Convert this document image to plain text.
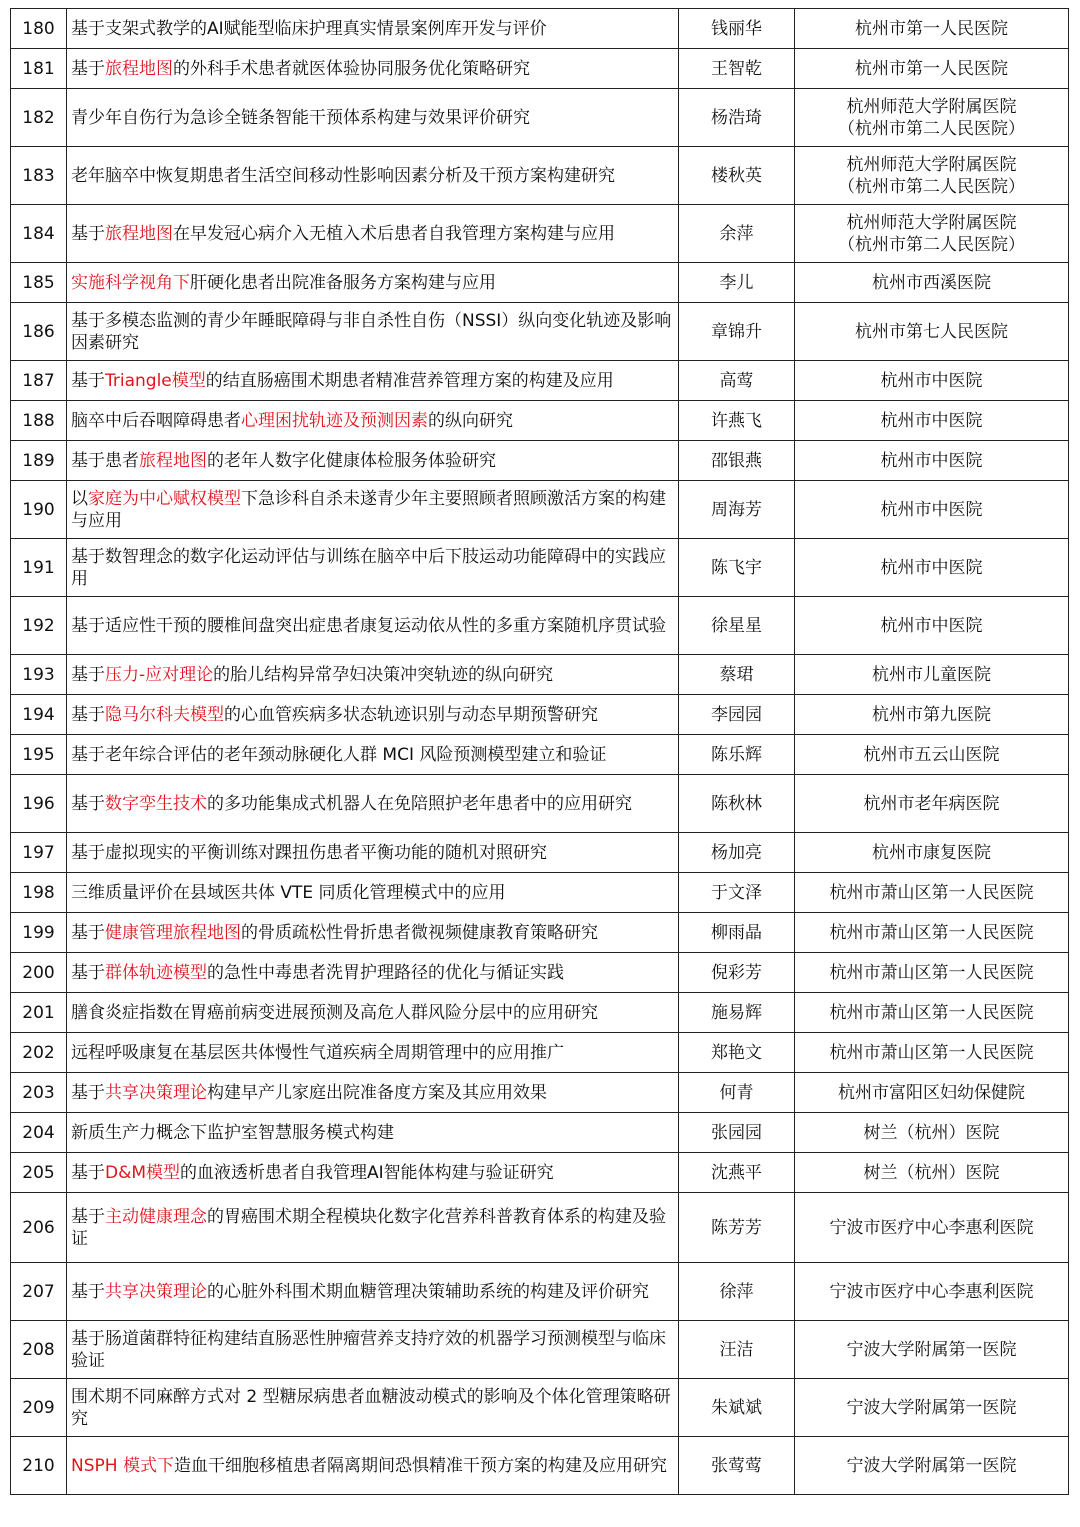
180	基于支架式教学的AI赋能型临床护理真实情景案例库开发与评价	钱丽华	杭州市第一人民医院

181	基于旅程地图的外科手术患者就医体验协同服务优化策略研究	王智乾	杭州市第一人民医院

182	青少年自伤行为急诊全链条智能干预体系构建与效果评价研究	杨浩琦	杭州师范大学附属医院
（杭州市第二人民医院）

183	老年脑卒中恢复期患者生活空间移动性影响因素分析及干预方案构建研究	楼秋英	杭州师范大学附属医院
（杭州市第二人民医院）

184	基于旅程地图在早发冠心病介入无植入术后患者自我管理方案构建与应用	余萍	杭州师范大学附属医院
（杭州市第二人民医院）

185	实施科学视角下肝硬化患者出院准备服务方案构建与应用	李儿	杭州市西溪医院

186	基于多模态监测的青少年睡眠障碍与非自杀性自伤（NSSI）纵向变化轨迹及影响因素研究	章锦升	杭州市第七人民医院

187	基于Triangle模型的结直肠癌围术期患者精准营养管理方案的构建及应用	高莺	杭州市中医院

188	脑卒中后吞咽障碍患者心理困扰轨迹及预测因素的纵向研究	许燕飞	杭州市中医院

189	基于患者旅程地图的老年人数字化健康体检服务体验研究	邵银燕	杭州市中医院

190	以家庭为中心赋权模型下急诊科自杀未遂青少年主要照顾者照顾激活方案的构建与应用	周海芳	杭州市中医院

191	基于数智理念的数字化运动评估与训练在脑卒中后下肢运动功能障碍中的实践应用	陈飞宇	杭州市中医院

192	基于适应性干预的腰椎间盘突出症患者康复运动依从性的多重方案随机序贯试验	徐星星	杭州市中医院

193	基于压力-应对理论的胎儿结构异常孕妇决策冲突轨迹的纵向研究	蔡珺	杭州市儿童医院

194	基于隐马尔科夫模型的心血管疾病多状态轨迹识别与动态早期预警研究	李园园	杭州市第九医院

195	基于老年综合评估的老年颈动脉硬化人群 MCI 风险预测模型建立和验证	陈乐辉	杭州市五云山医院

196	基于数字孪生技术的多功能集成式机器人在免陪照护老年患者中的应用研究	陈秋林	杭州市老年病医院

197	基于虚拟现实的平衡训练对踝扭伤患者平衡功能的随机对照研究	杨加亮	杭州市康复医院

198	三维质量评价在县域医共体 VTE 同质化管理模式中的应用	于文泽	杭州市萧山区第一人民医院

199	基于健康管理旅程地图的骨质疏松性骨折患者微视频健康教育策略研究	柳雨晶	杭州市萧山区第一人民医院

200	基于群体轨迹模型的急性中毒患者洗胃护理路径的优化与循证实践	倪彩芳	杭州市萧山区第一人民医院

201	膳食炎症指数在胃癌前病变进展预测及高危人群风险分层中的应用研究	施易辉	杭州市萧山区第一人民医院

202	远程呼吸康复在基层医共体慢性气道疾病全周期管理中的应用推广	郑艳文	杭州市萧山区第一人民医院

203	基于共享决策理论构建早产儿家庭出院准备度方案及其应用效果	何青	杭州市富阳区妇幼保健院

204	新质生产力概念下监护室智慧服务模式构建	张园园	树兰（杭州）医院

205	基于D&M模型的血液透析患者自我管理AI智能体构建与验证研究	沈燕平	树兰（杭州）医院

206	基于主动健康理念的胃癌围术期全程模块化数字化营养科普教育体系的构建及验证	陈芳芳	宁波市医疗中心李惠利医院

207	基于共享决策理论的心脏外科围术期血糖管理决策辅助系统的构建及评价研究	徐萍	宁波市医疗中心李惠利医院

208	基于肠道菌群特征构建结直肠恶性肿瘤营养支持疗效的机器学习预测模型与临床验证	汪洁	宁波大学附属第一医院

209	围术期不同麻醉方式对 2 型糖尿病患者血糖波动模式的影响及个体化管理策略研究	朱斌斌	宁波大学附属第一医院

210	NSPH 模式下造血干细胞移植患者隔离期间恐惧精准干预方案的构建及应用研究	张莺莺	宁波大学附属第一医院
